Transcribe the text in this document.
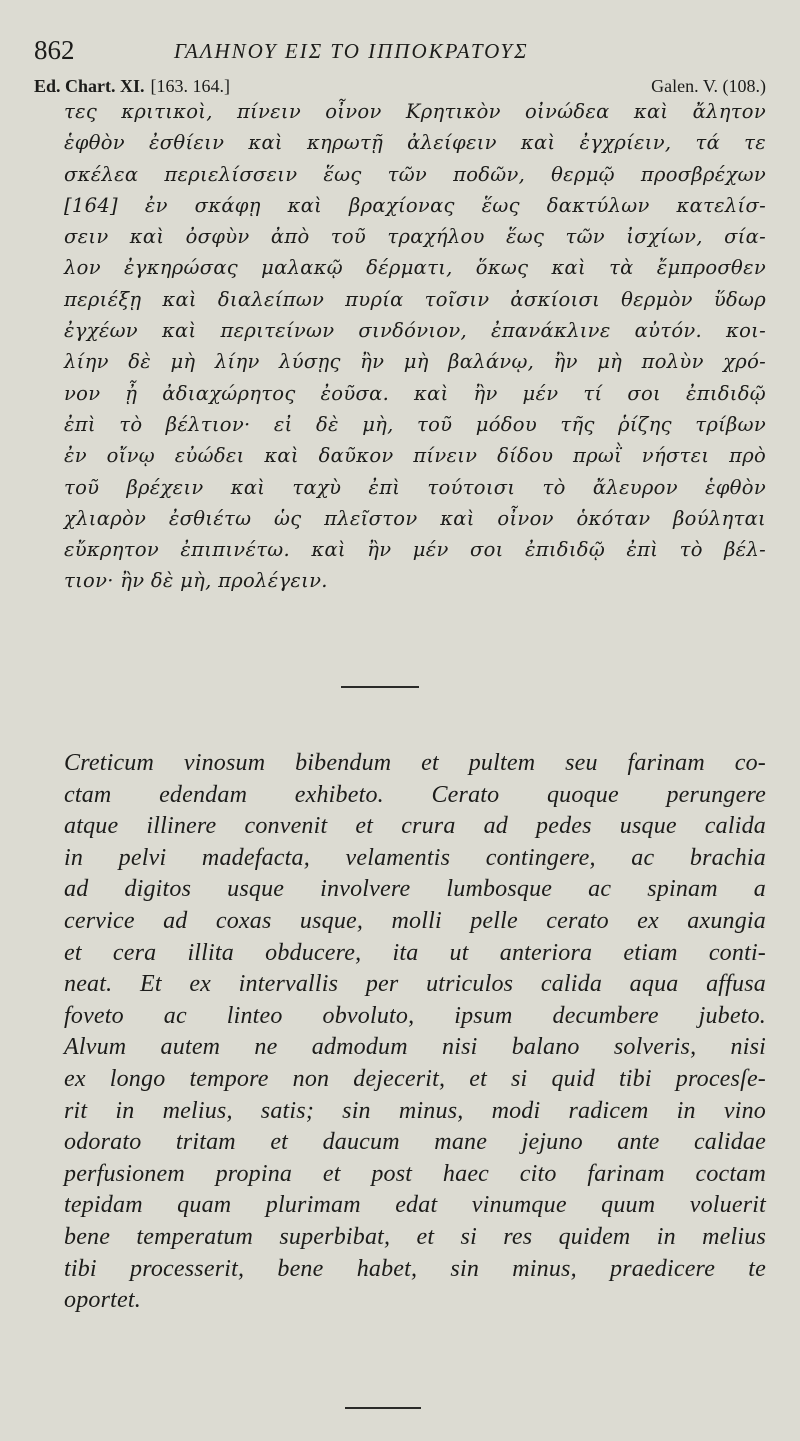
862	ΓΑΛΗΝΟΥ ΕΙΣ ΤΟ ΙΠΠΟΚΡΑΤΟΥΣ
Ed. Chart. XI. [163. 164.]	Galen. V. (108.)

τες κριτικοὶ, πίνειν οἶνον Κρητικὸν οἰνώδεα καὶ ἄλητον
ἑφθὸν ἐσθίειν καὶ κηρωτῇ ἀλείφειν καὶ ἐγχρίειν, τά τε
σκέλεα περιελίσσειν ἕως τῶν ποδῶν, θερμῷ προσβρέχων
[164] ἐν σκάφῃ καὶ βραχίονας ἕως δακτύλων κατελίσ-
σειν καὶ ὀσφὺν ἀπὸ τοῦ τραχήλου ἕως τῶν ἰσχίων, σία-
λον ἐγκηρώσας μαλακῷ δέρματι, ὅκως καὶ τὰ ἔμπροσθεν
περιέξῃ καὶ διαλείπων πυρία τοῖσιν ἀσκίοισι θερμὸν ὕδωρ
ἐγχέων καὶ περιτείνων σινδόνιον, ἐπανάκλινε αὐτόν. κοι-
λίην δὲ μὴ λίην λύσῃς ἢν μὴ βαλάνῳ, ἢν μὴ πολὺν χρό-
νον ᾖ ἀδιαχώρητος ἐοῦσα. καὶ ἢν μέν τί σοι ἐπιδιδῷ
ἐπὶ τὸ βέλτιον· εἰ δὲ μὴ, τοῦ μόδου τῆς ῥίζης τρίβων
ἐν οἴνῳ εὐώδει καὶ δαῦκον πίνειν δίδου πρωῒ νήστει πρὸ
τοῦ βρέχειν καὶ ταχὺ ἐπὶ τούτοισι τὸ ἄλευρον ἑφθὸν
χλιαρὸν ἐσθιέτω ὡς πλεῖστον καὶ οἶνον ὁκόταν βούληται
εὔκρητον ἐπιπινέτω. καὶ ἢν μέν σοι ἐπιδιδῷ ἐπὶ τὸ βέλ-
τιον· ἢν δὲ μὴ, προλέγειν.

Creticum vinosum bibendum et pultem seu farinam co-
ctam edendam exhibeto. Cerato quoque perungere
atque illinere convenit et crura ad pedes usque calida
in pelvi madefacta, velamentis contingere, ac brachia
ad digitos usque involvere lumbosque ac spinam a
cervice ad coxas usque, molli pelle cerato ex axungia
et cera illita obducere, ita ut anteriora etiam conti-
neat. Et ex intervallis per utriculos calida aqua affusa
foveto ac linteo obvoluto, ipsum decumbere jubeto.
Alvum autem ne admodum nisi balano solveris, nisi
ex longo tempore non dejecerit, et si quid tibi procesſe-
rit in melius, satis; sin minus, modi radicem in vino
odorato tritam et daucum mane jejuno ante calidae
perfusionem propina et post haec cito farinam coctam
tepidam quam plurimam edat vinumque quum voluerit
bene temperatum superbibat, et si res quidem in melius
tibi processerit, bene habet, sin minus, praedicere te
oportet.
